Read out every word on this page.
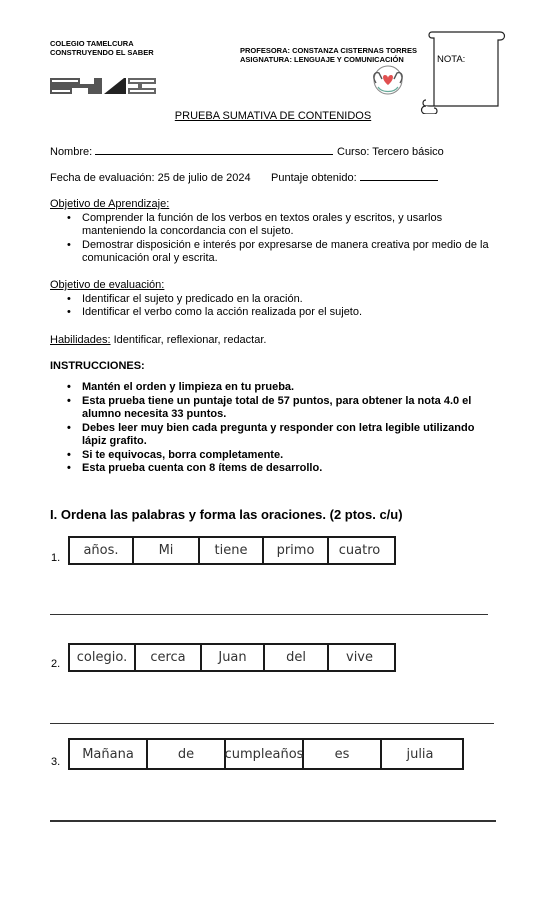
COLEGIO TAMELCURA
CONSTRUYENDO EL SABER	PROFESORA: CONSTANZA CISTERNAS TORRES
ASIGNATURA: LENGUAJE Y COMUNICACIÓN	NOTA:
PRUEBA SUMATIVA DE CONTENIDOS
Nombre:	Curso: Tercero básico
Fecha de evaluación: 25 de julio de 2024 Puntaje obtenido:
Objetivo de Aprendizaje:
• Comprender la función de los verbos en textos orales y escritos, y usarlos manteniendo la concordancia con el sujeto.
• Demostrar disposición e interés por expresarse de manera creativa por medio de la comunicación oral y escrita.
Objetivo de evaluación:
• Identificar el sujeto y predicado en la oración.
• Identificar el verbo como la acción realizada por el sujeto.
Habilidades: Identificar, reflexionar, redactar.
INSTRUCCIONES:
• Mantén el orden y limpieza en tu prueba.
• Esta prueba tiene un puntaje total de 57 puntos, para obtener la nota 4.0 el alumno necesita 33 puntos.
• Debes leer muy bien cada pregunta y responder con letra legible utilizando lápiz grafito.
• Si te equivocas, borra completamente.
• Esta prueba cuenta con 8 ítems de desarrollo.
I. Ordena las palabras y forma las oraciones. (2 ptos. c/u)
1.	años.	Mi	tiene	primo	cuatro
2.	colegio.	cerca	Juan	del	vive
3.
Mañana	de	cumpleaños	es	julia
